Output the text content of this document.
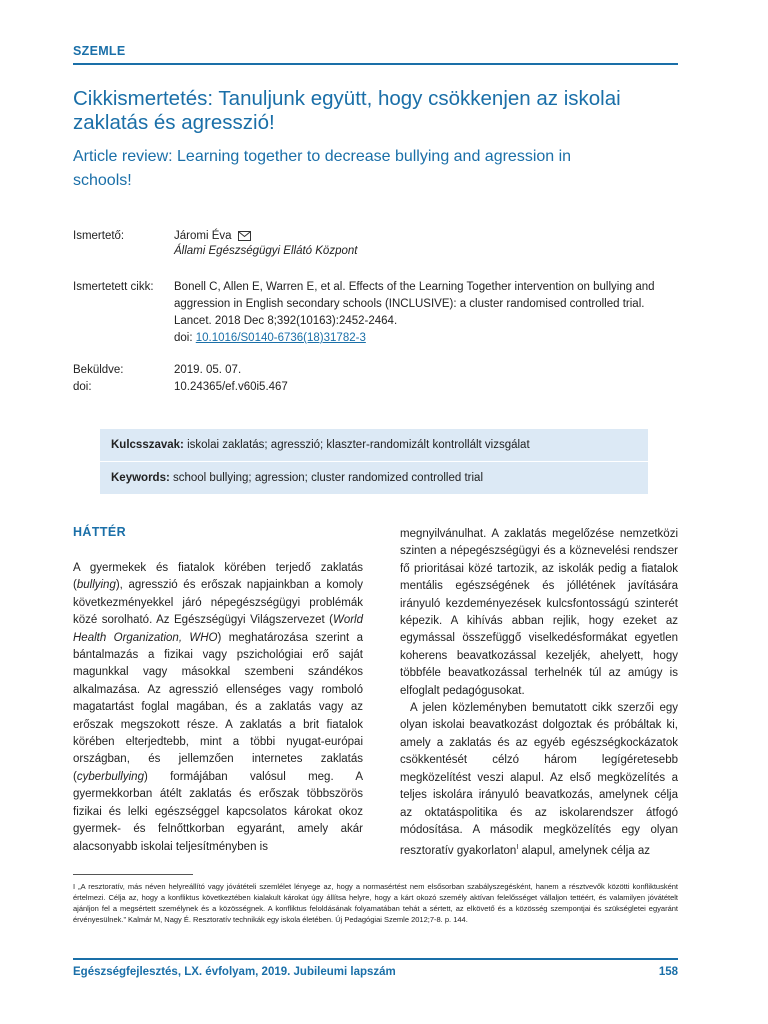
SZEMLE
Cikkismertetés: Tanuljunk együtt, hogy csökkenjen az iskolai zaklatás és agresszió!
Article review: Learning together to decrease bullying and agression in schools!
Ismertető:	Járomi Éva
Állami Egészségügyi Ellátó Központ
Ismertetett cikk: Bonell C, Allen E, Warren E, et al. Effects of the Learning Together intervention on bullying and aggression in English secondary schools (INCLUSIVE): a cluster randomised controlled trial. Lancet. 2018 Dec 8;392(10163):2452-2464.
doi: 10.1016/S0140-6736(18)31782-3
Beküldve:	2019. 05. 07.
doi:	10.24365/ef.v60i5.467
Kulcsszavak: iskolai zaklatás; agresszió; klaszter-randomizált kontrollált vizsgálat
Keywords: school bullying; agression; cluster randomized controlled trial
HÁTTÉR

A gyermekek és fiatalok körében terjedő zaklatás (bullying), agresszió és erőszak napjainkban a komoly következményekkel járó népegészségügyi problémák közé sorolható. Az Egészségügyi Világszervezet (World Health Organization, WHO) meghatározása szerint a bántalmazás a fizikai vagy pszichológiai erő saját magunkkal vagy másokkal szembeni szándékos alkalmazása. Az agresszió ellenséges vagy romboló magatartást foglal magában, és a zaklatás vagy az erőszak megszokott része. A zaklatás a brit fiatalok körében elterjedtebb, mint a többi nyugat-európai országban, és jellemzően internetes zaklatás (cyberbullying) formájában valósul meg. A gyermekkorban átélt zaklatás és erőszak többszörös fizikai és lelki egészséggel kapcsolatos károkat okoz gyermek- és felnőttkorban egyaránt, amely akár alacsonyabb iskolai teljesítményben is

megnyilvánulhat. A zaklatás megelőzése nemzetközi szinten a népegészségügyi és a köznevelési rendszer fő prioritásai közé tartozik, az iskolák pedig a fiatalok mentális egészségének és jóllétének javítására irányuló kezdeményezések kulcsfontosságú szinterét képezik. A kihívás abban rejlik, hogy ezeket az egymással összefüggő viselkedésformákat egyetlen koherens beavatkozással kezeljék, ahelyett, hogy többféle beavatkozással terhelnék túl az amúgy is elfoglalt pedagógusokat.

A jelen közleményben bemutatott cikk szerzői egy olyan iskolai beavatkozást dolgoztak és próbáltak ki, amely a zaklatás és az egyéb egészségkockázatok csökkentését célzó három legígéretesebb megközelítést veszi alapul. Az első megközelítés a teljes iskolára irányuló beavatkozás, amelynek célja az oktatáspolitika és az iskolarendszer átfogó módosítása. A második megközelítés egy olyan resztoratív gyakorlaton$^I$ alapul, amelynek célja az

I „A resztoratív, más néven helyreállító vagy jóvátételi szemlélet lényege az, hogy a normasértést nem elsősorban szabályszegésként, hanem a résztvevők közötti konfliktusként értelmezi. Célja az, hogy a konfliktus következtében kialakult károkat úgy állítsa helyre, hogy a kárt okozó személy aktívan felelősséget vállaljon tettéért, és valamilyen jóvátételt ajánljon fel a megsértett személynek és a közösségnek. A konfliktus feloldásának folyamatában tehát a sértett, az elkövető és a közösség szempontjai és szükségletei egyaránt érvényesülnek.” Kalmár M, Nagy É. Resztoratív technikák egy iskola életében. Új Pedagógiai Szemle 2012;7-8. p. 144.
Egészségfejlesztés, LX. évfolyam, 2019. Jubileumi lapszám	158
